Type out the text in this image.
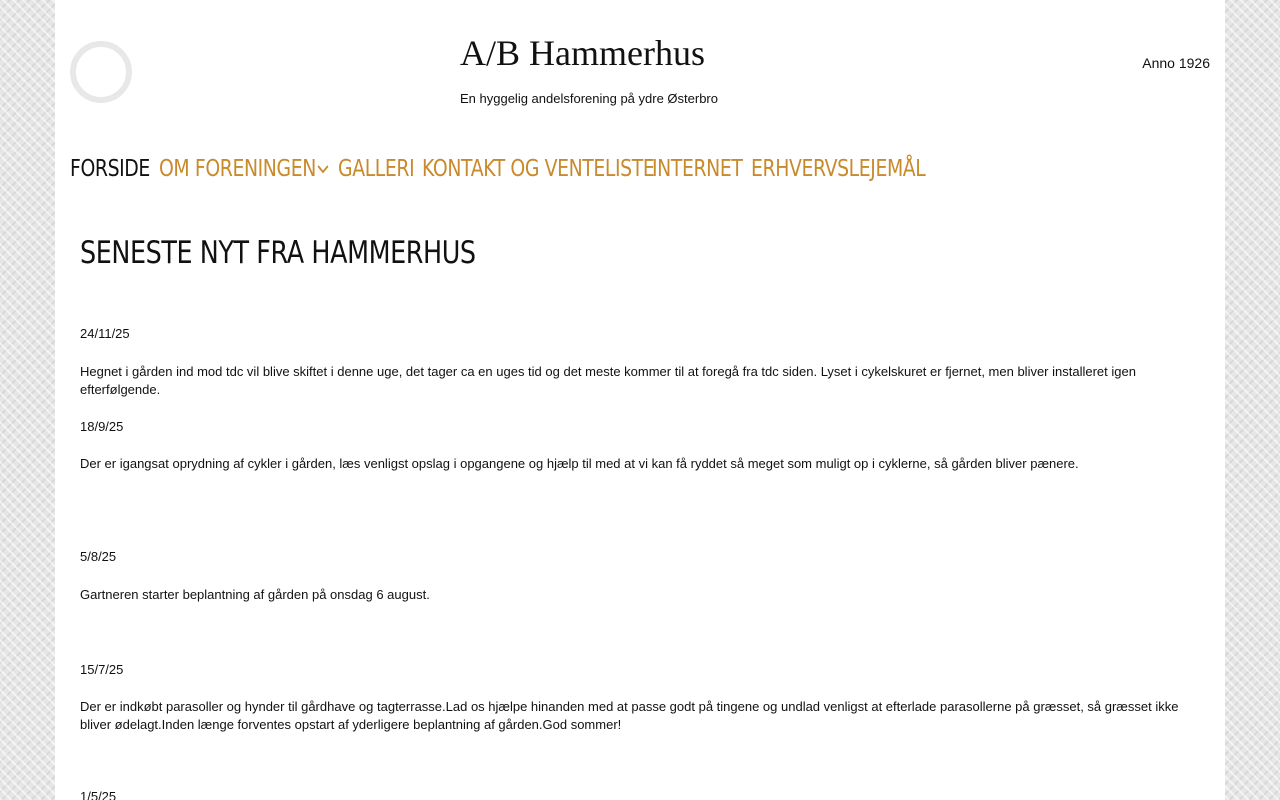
A/B Hammerhus
En hyggelig andelsforening på ydre Østerbro
Anno 1926
FORSIDE OM FORENINGEN GALLERI KONTAKT OG VENTELISTE
INTERNET ERHVERVSLEJEMÅL
SENESTE NYT FRA HAMMERHUS
24/11/25
Hegnet i gården ind mod tdc vil blive skiftet i denne uge, det tager ca en uges tid og det meste kommer til at foregå fra tdc siden. Lyset i cykelskuret er fjernet, men bliver installeret igen efterfølgende.
18/9/25
Der er igangsat oprydning af cykler i gården, læs venligst opslag i opgangene og hjælp til med at vi kan få ryddet så meget som muligt op i cyklerne, så gården bliver pænere.
5/8/25
Gartneren starter beplantning af gården på onsdag 6 august.
15/7/25
Der er indkøbt parasoller og hynder til gårdhave og tagterrasse.Lad os hjælpe hinanden med at passe godt på tingene og undlad venligst at efterlade parasollerne på græsset, så græsset ikke bliver ødelagt.Inden længe forventes opstart af yderligere beplantning af gården.God sommer!
1/5/25
